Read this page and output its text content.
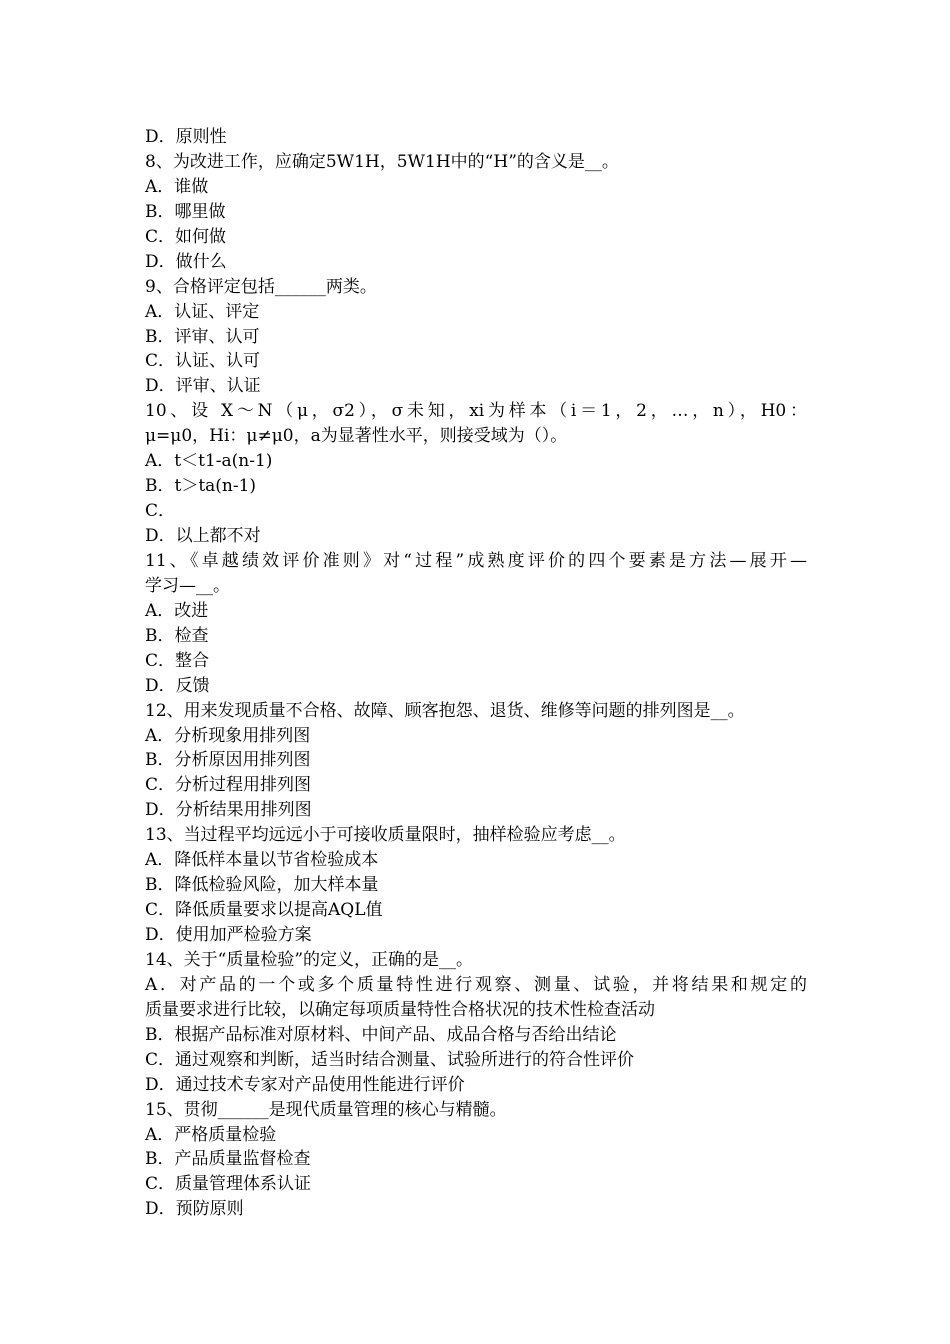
D．原则性
8、为改进工作，应确定5W1H，5W1H中的“H”的含义是__。
A．谁做
B．哪里做
C．如何做
D．做什么
9、合格评定包括______两类。
A．认证、评定
B．评审、认可
C．认证、认可
D．评审、认证
10、设 X～N（μ，σ2），σ未知，xi为样本（i＝1，2，…，n），H0：
μ=μ0，Hi：μ≠μ0，a为显著性水平，则接受域为（）。
A．t＜t1-a(n-1)
B．t＞ta(n-1)
C．
D．以上都不对
11、《卓越绩效评价准则》对“过程”成熟度评价的四个要素是方法—展开—
学习—__。
A．改进
B．检查
C．整合
D．反馈
12、用来发现质量不合格、故障、顾客抱怨、退货、维修等问题的排列图是__。
A．分析现象用排列图
B．分析原因用排列图
C．分析过程用排列图
D．分析结果用排列图
13、当过程平均远远小于可接收质量限时，抽样检验应考虑__。
A．降低样本量以节省检验成本
B．降低检验风险，加大样本量
C．降低质量要求以提高AQL值
D．使用加严检验方案
14、关于“质量检验”的定义，正确的是__。
A．对产品的一个或多个质量特性进行观察、测量、试验，并将结果和规定的
质量要求进行比较，以确定每项质量特性合格状况的技术性检查活动
B．根据产品标准对原材料、中间产品、成品合格与否给出结论
C．通过观察和判断，适当时结合测量、试验所进行的符合性评价
D．通过技术专家对产品使用性能进行评价
15、贯彻______是现代质量管理的核心与精髓。
A．严格质量检验
B．产品质量监督检查
C．质量管理体系认证
D．预防原则
